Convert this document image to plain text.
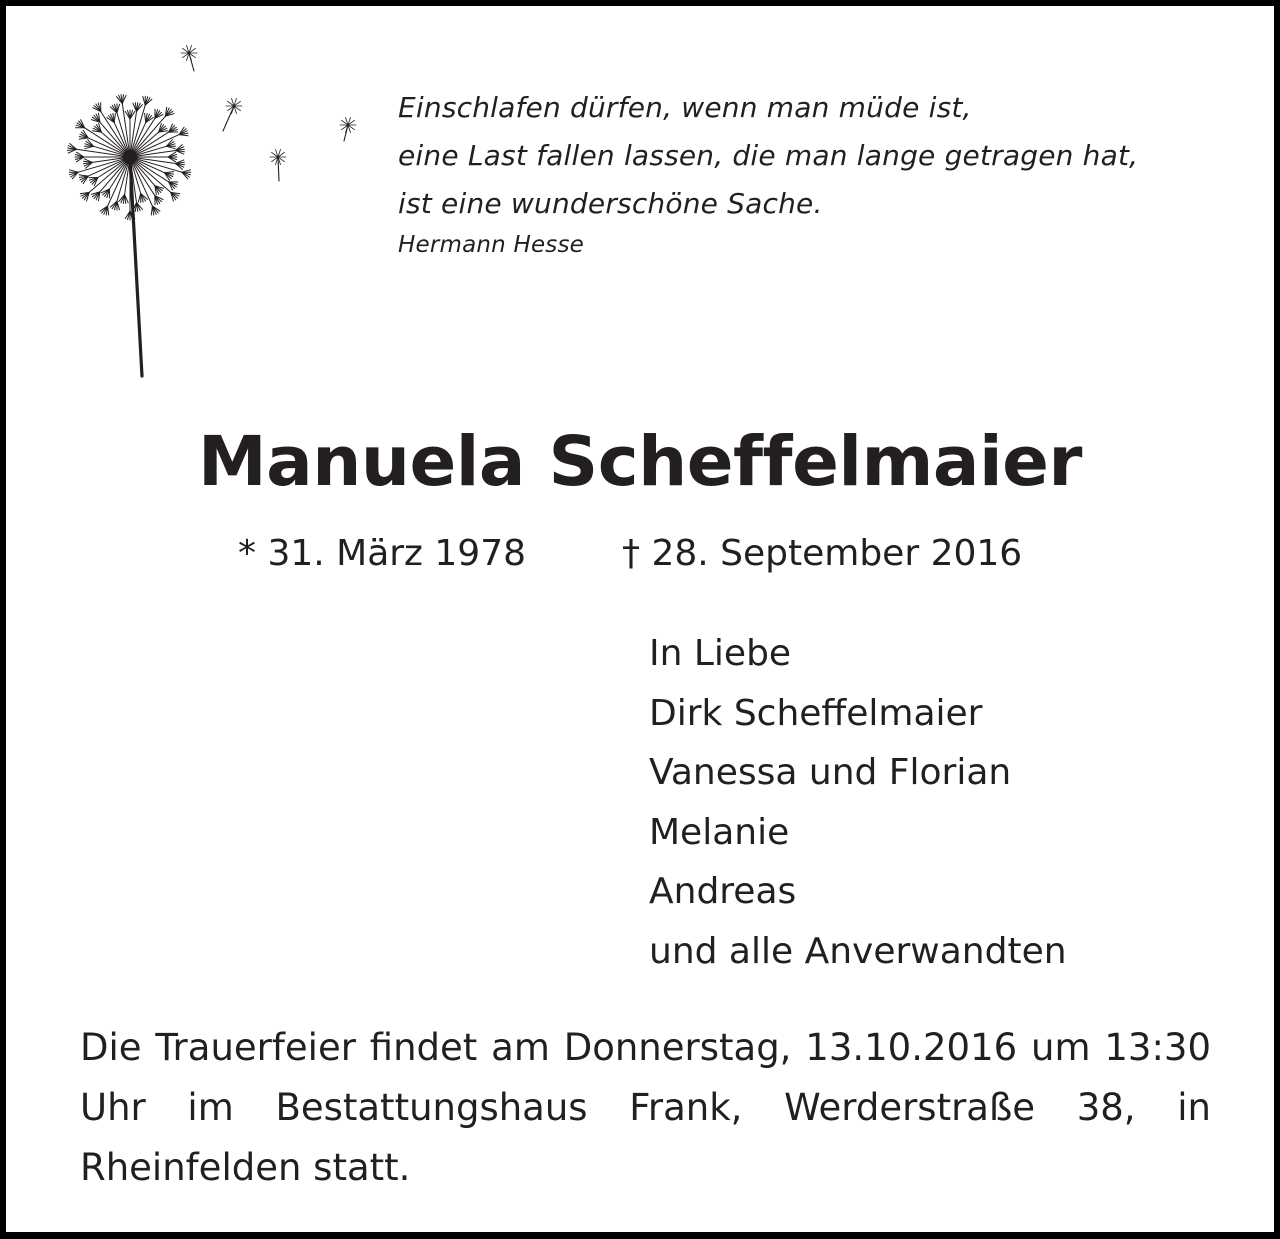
Einschlafen dürfen, wenn man müde ist,
eine Last fallen lassen, die man lange getragen hat,
ist eine wunderschöne Sache.
Hermann Hesse
Manuela Scheffelmaier
* 31. März 1978	† 28. September 2016
In Liebe
Dirk Scheffelmaier
Vanessa und Florian
Melanie
Andreas
und alle Anverwandten
Die Trauerfeier findet am Donnerstag, 13.10.2016 um 13:30 Uhr im Bestattungshaus Frank, Werderstraße 38, in Rheinfelden statt.
